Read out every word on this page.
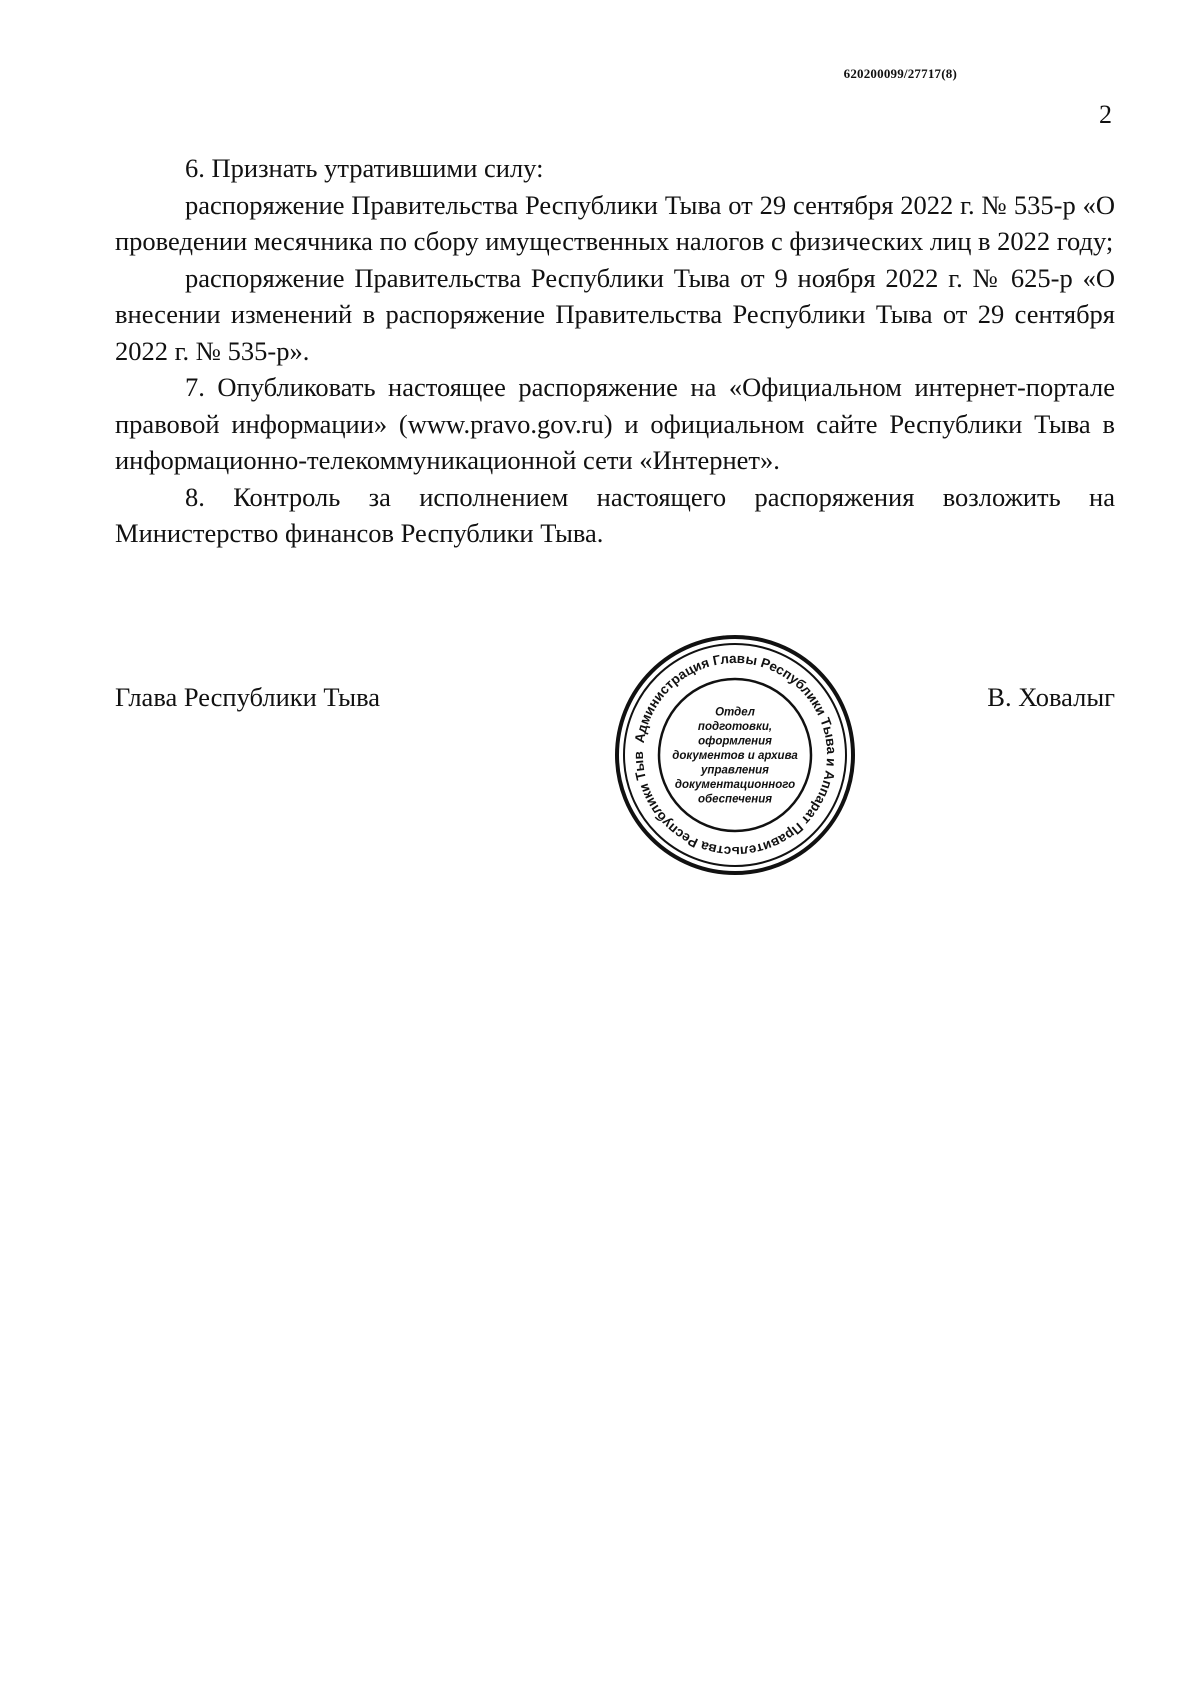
620200099/27717(8)
2

6. Признать утратившими силу:

распоряжение Правительства Республики Тыва от 29 сентября 2022 г. № 535-р «О проведении месячника по сбору имущественных налогов с физических лиц в 2022 году;

распоряжение Правительства Республики Тыва от 9 ноября 2022 г. № 625-р «О внесении изменений в распоряжение Правительства Республики Тыва от 29 сентября 2022 г. № 535-р».

7. Опубликовать настоящее распоряжение на «Официальном интернет-портале правовой информации» (www.pravo.gov.ru) и официальном сайте Республики Тыва в информационно-телекоммуникационной сети «Интернет».

8. Контроль за исполнением настоящего распоряжения возложить на Министерство финансов Республики Тыва.

Глава Республики Тыва	В. Ховалыг
Администрация Главы Республики Тыва и Аппарат Правительства Республики Тыв
Отдел
подготовки,
оформления
документов и архива
управления
документационного
обеспечения
